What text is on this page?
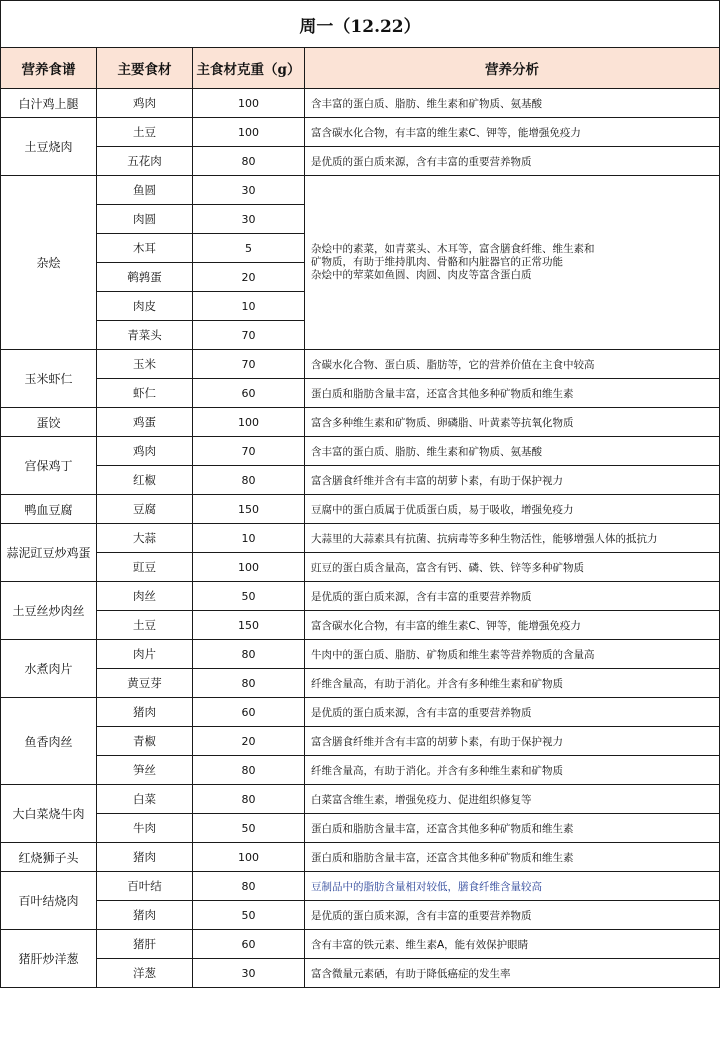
周一（12.22）			
营养食谱	主要食材	主食材克重（g）	营养分析
白汁鸡上腿	鸡肉	100	含丰富的蛋白质、脂肪、维生素和矿物质、氨基酸
土豆烧肉	土豆	100	富含碳水化合物，有丰富的维生素C、钾等，能增强免疫力
	五花肉	80	是优质的蛋白质来源，含有丰富的重要营养物质
杂烩	鱼圆	30	杂烩中的素菜，如青菜头、木耳等，富含膳食纤维、维生素和
矿物质，有助于维持肌肉、骨骼和内脏器官的正常功能
杂烩中的荤菜如鱼圆、肉圆、肉皮等富含蛋白质

	肉圆	30	
	木耳	5	
	鹌鹑蛋	20	
	肉皮	10	
	青菜头	70	
玉米虾仁	玉米	70	含碳水化合物、蛋白质、脂肪等，它的营养价值在主食中较高
	虾仁	60	蛋白质和脂肪含量丰富，还富含其他多种矿物质和维生素
蛋饺	鸡蛋	100	富含多种维生素和矿物质、卵磷脂、叶黄素等抗氧化物质
宫保鸡丁	鸡肉	70	含丰富的蛋白质、脂肪、维生素和矿物质、氨基酸
	红椒	80	富含膳食纤维并含有丰富的胡萝卜素，有助于保护视力
鸭血豆腐	豆腐	150	豆腐中的蛋白质属于优质蛋白质，易于吸收，增强免疫力
蒜泥豇豆炒鸡蛋	大蒜	10	大蒜里的大蒜素具有抗菌、抗病毒等多种生物活性，能够增强人体的抵抗力
	豇豆	100	豇豆的蛋白质含量高，富含有钙、磷、铁、锌等多种矿物质
土豆丝炒肉丝	肉丝	50	是优质的蛋白质来源，含有丰富的重要营养物质
	土豆	150	富含碳水化合物，有丰富的维生素C、钾等，能增强免疫力
水煮肉片	肉片	80	牛肉中的蛋白质、脂肪、矿物质和维生素等营养物质的含量高
	黄豆芽	80	纤维含量高，有助于消化。并含有多种维生素和矿物质
鱼香肉丝	猪肉	60	是优质的蛋白质来源，含有丰富的重要营养物质
	青椒	20	富含膳食纤维并含有丰富的胡萝卜素，有助于保护视力
	笋丝	80	纤维含量高，有助于消化。并含有多种维生素和矿物质
大白菜烧牛肉	白菜	80	白菜富含维生素，增强免疫力、促进组织修复等
	牛肉	50	蛋白质和脂肪含量丰富，还富含其他多种矿物质和维生素
红烧狮子头	猪肉	100	蛋白质和脂肪含量丰富，还富含其他多种矿物质和维生素
百叶结烧肉	百叶结	80	豆制品中的脂肪含量相对较低，膳食纤维含量较高
	猪肉	50	是优质的蛋白质来源，含有丰富的重要营养物质
猪肝炒洋葱	猪肝	60	含有丰富的铁元素、维生素A，能有效保护眼睛
	洋葱	30	富含微量元素硒，有助于降低癌症的发生率
